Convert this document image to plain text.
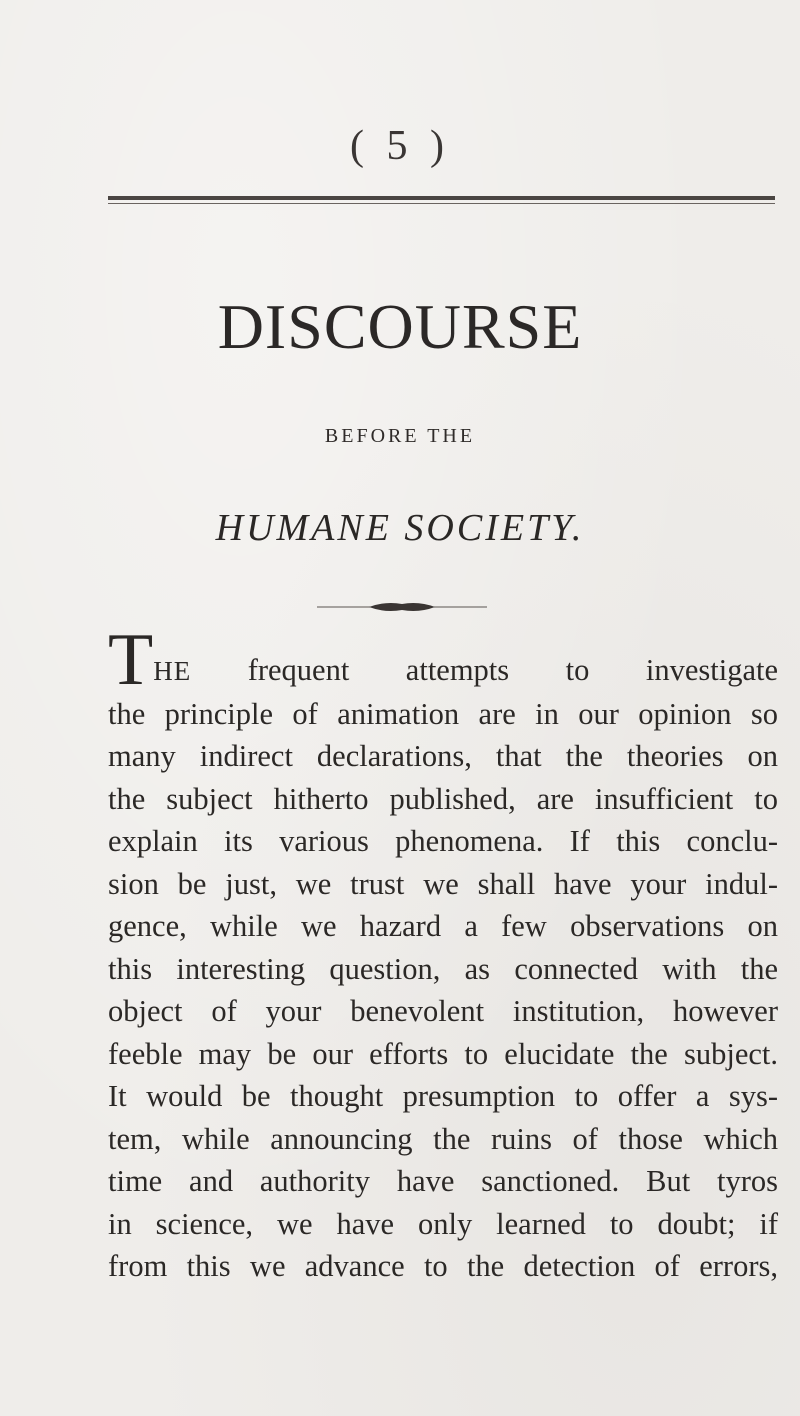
( 5 )
DISCOURSE
BEFORE THE
HUMANE SOCIETY.
THE frequent attempts to investigate
the principle of animation are in our opinion so
many indirect declarations, that the theories on
the subject hitherto published, are insufficient to
explain its various phenomena. If this conclu-
sion be just, we trust we shall have your indul-
gence, while we hazard a few observations on
this interesting question, as connected with the
object of your benevolent institution, however
feeble may be our efforts to elucidate the subject.
It would be thought presumption to offer a sys-
tem, while announcing the ruins of those which
time and authority have sanctioned. But tyros
in science, we have only learned to doubt; if
from this we advance to the detection of errors,
